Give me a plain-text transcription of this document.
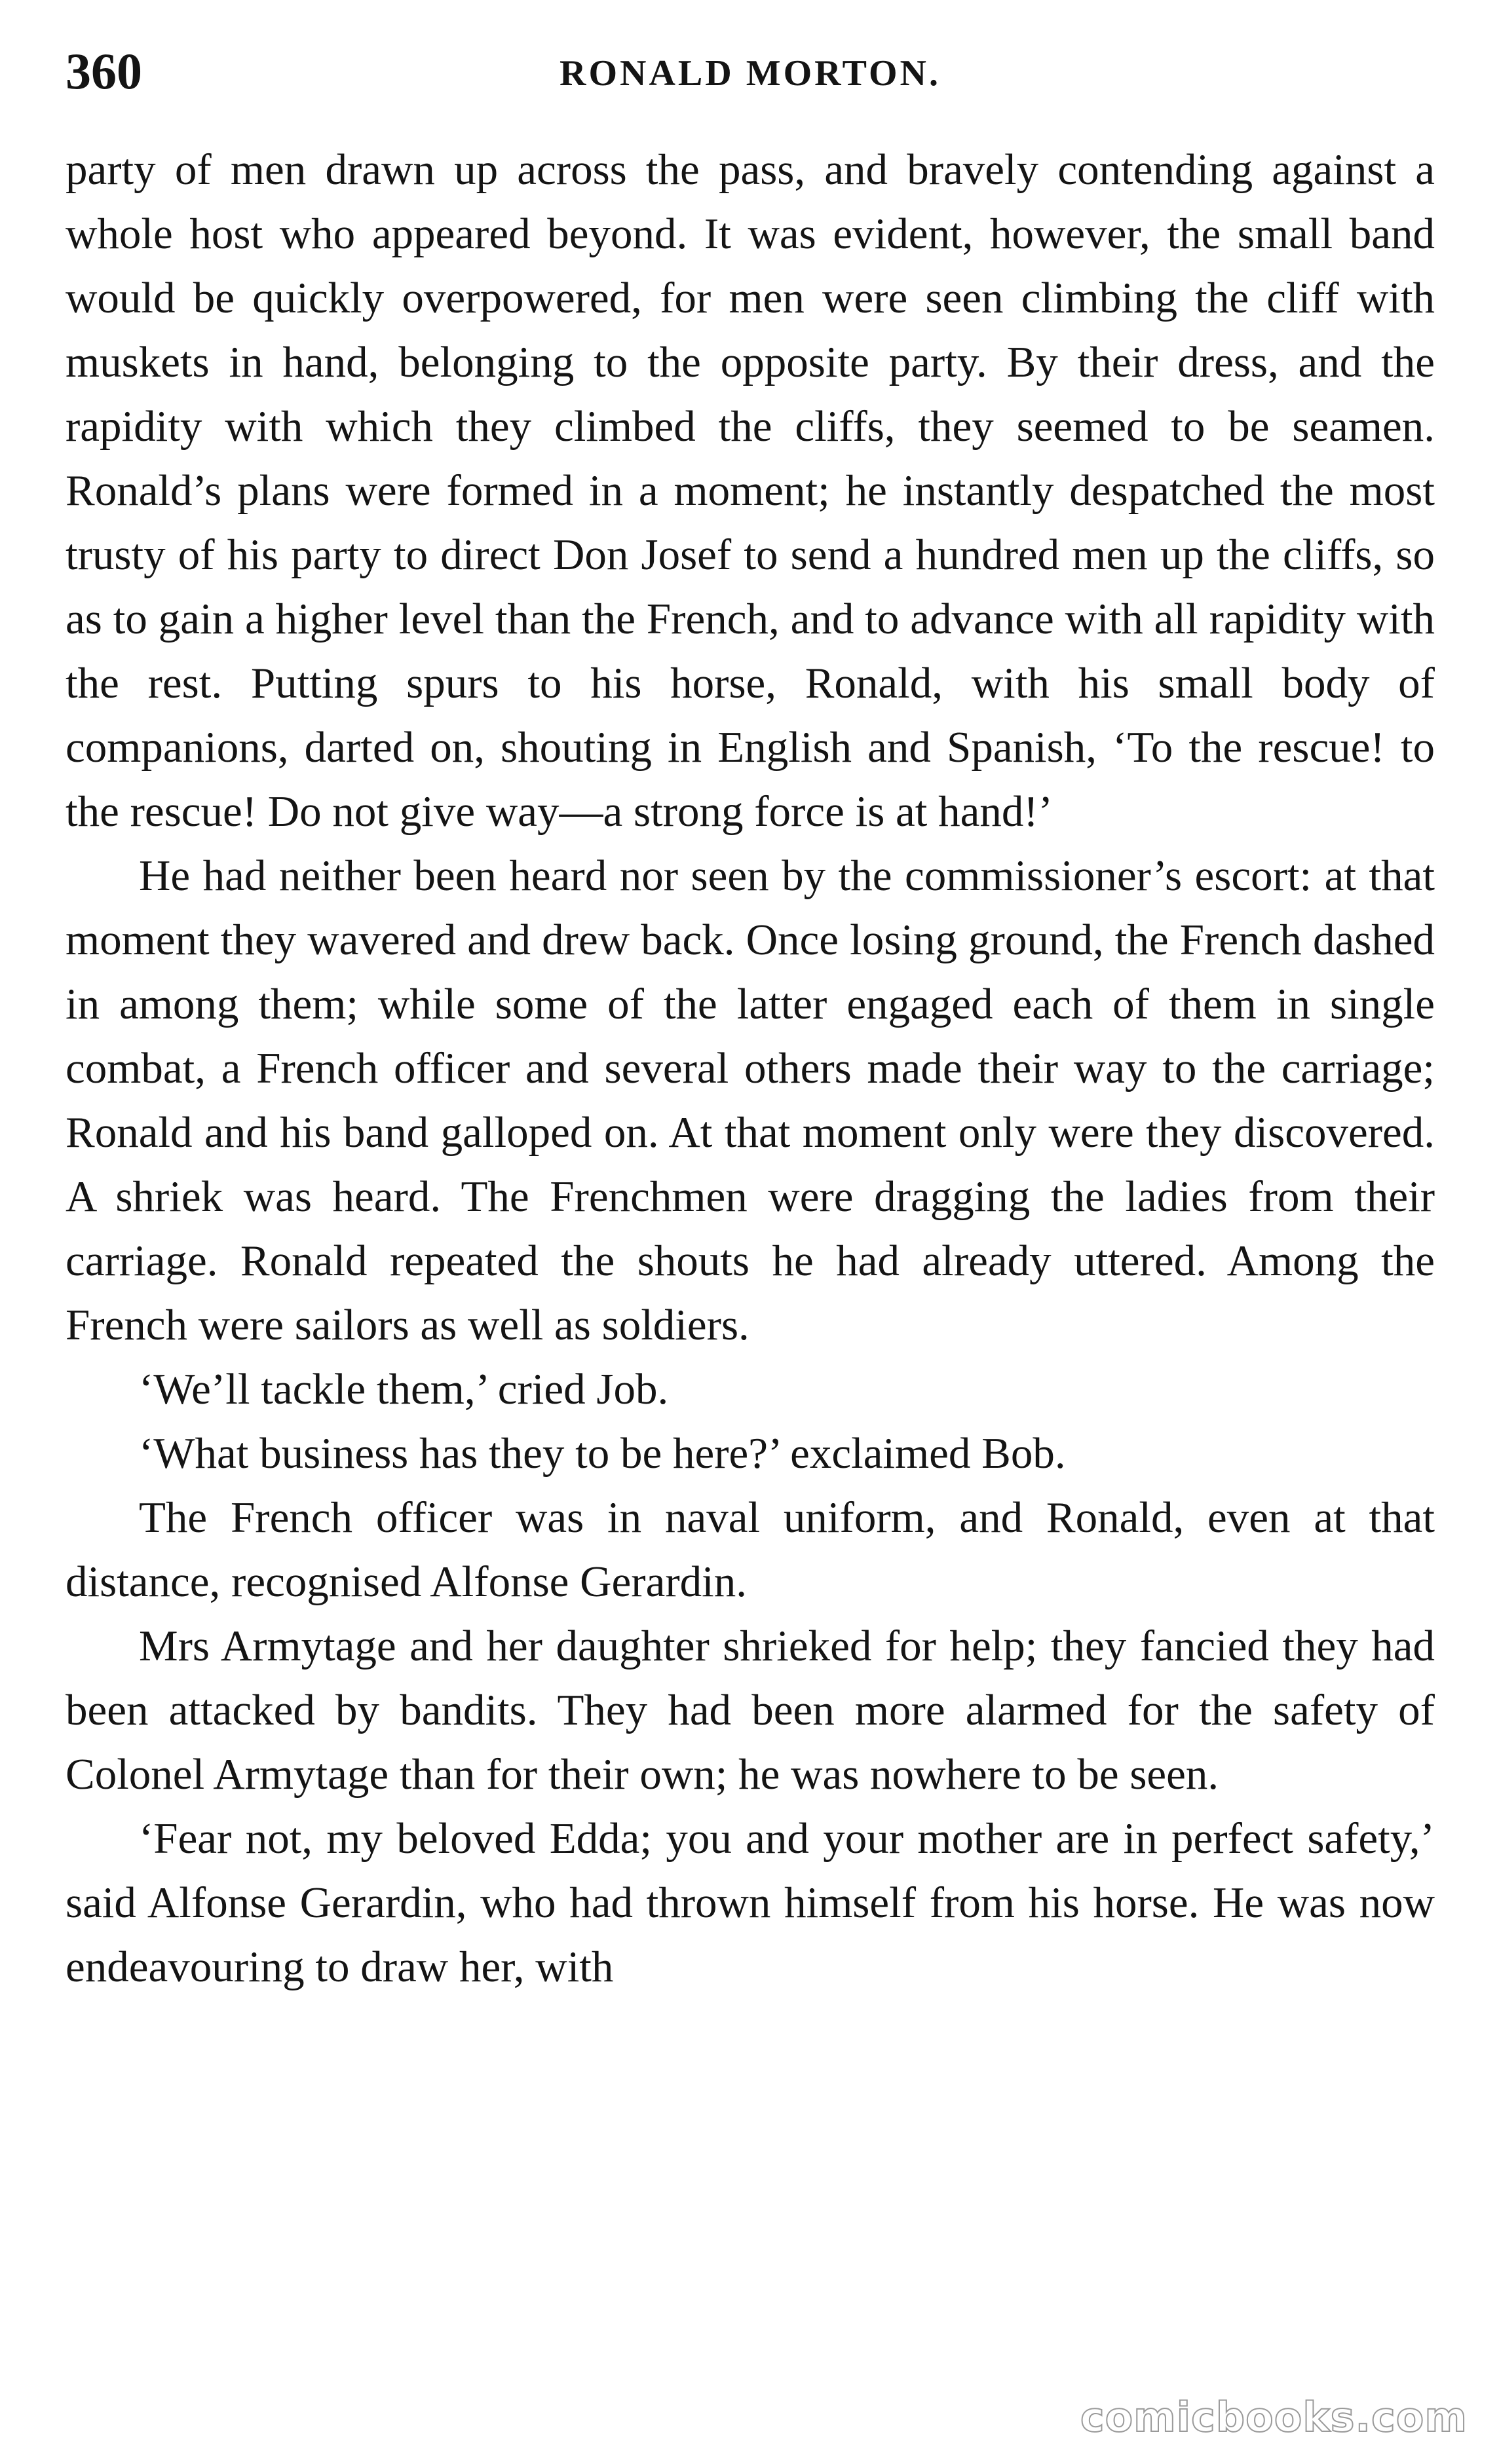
360	RONALD MORTON.

party of men drawn up across the pass, and bravely contending against a whole host who appeared beyond. It was evident, however, the small band would be quickly overpowered, for men were seen climbing the cliff with muskets in hand, belonging to the opposite party. By their dress, and the rapidity with which they climbed the cliffs, they seemed to be seamen. Ronald’s plans were formed in a moment; he instantly despatched the most trusty of his party to direct Don Josef to send a hundred men up the cliffs, so as to gain a higher level than the French, and to advance with all rapidity with the rest. Putting spurs to his horse, Ronald, with his small body of companions, darted on, shouting in English and Spanish, ‘To the rescue! to the rescue! Do not give way—a strong force is at hand!’

He had neither been heard nor seen by the commissioner’s escort: at that moment they wavered and drew back. Once losing ground, the French dashed in among them; while some of the latter engaged each of them in single combat, a French officer and several others made their way to the carriage; Ronald and his band galloped on. At that moment only were they discovered. A shriek was heard. The Frenchmen were dragging the ladies from their carriage. Ronald repeated the shouts he had already uttered. Among the French were sailors as well as soldiers.

‘We’ll tackle them,’ cried Job.

‘What business has they to be here?’ exclaimed Bob.

The French officer was in naval uniform, and Ronald, even at that distance, recognised Alfonse Gerardin.

Mrs Armytage and her daughter shrieked for help; they fancied they had been attacked by bandits. They had been more alarmed for the safety of Colonel Armytage than for their own; he was nowhere to be seen.

‘Fear not, my beloved Edda; you and your mother are in perfect safety,’ said Alfonse Gerardin, who had thrown himself from his horse. He was now endeavouring to draw her, with

comicbooks.com
